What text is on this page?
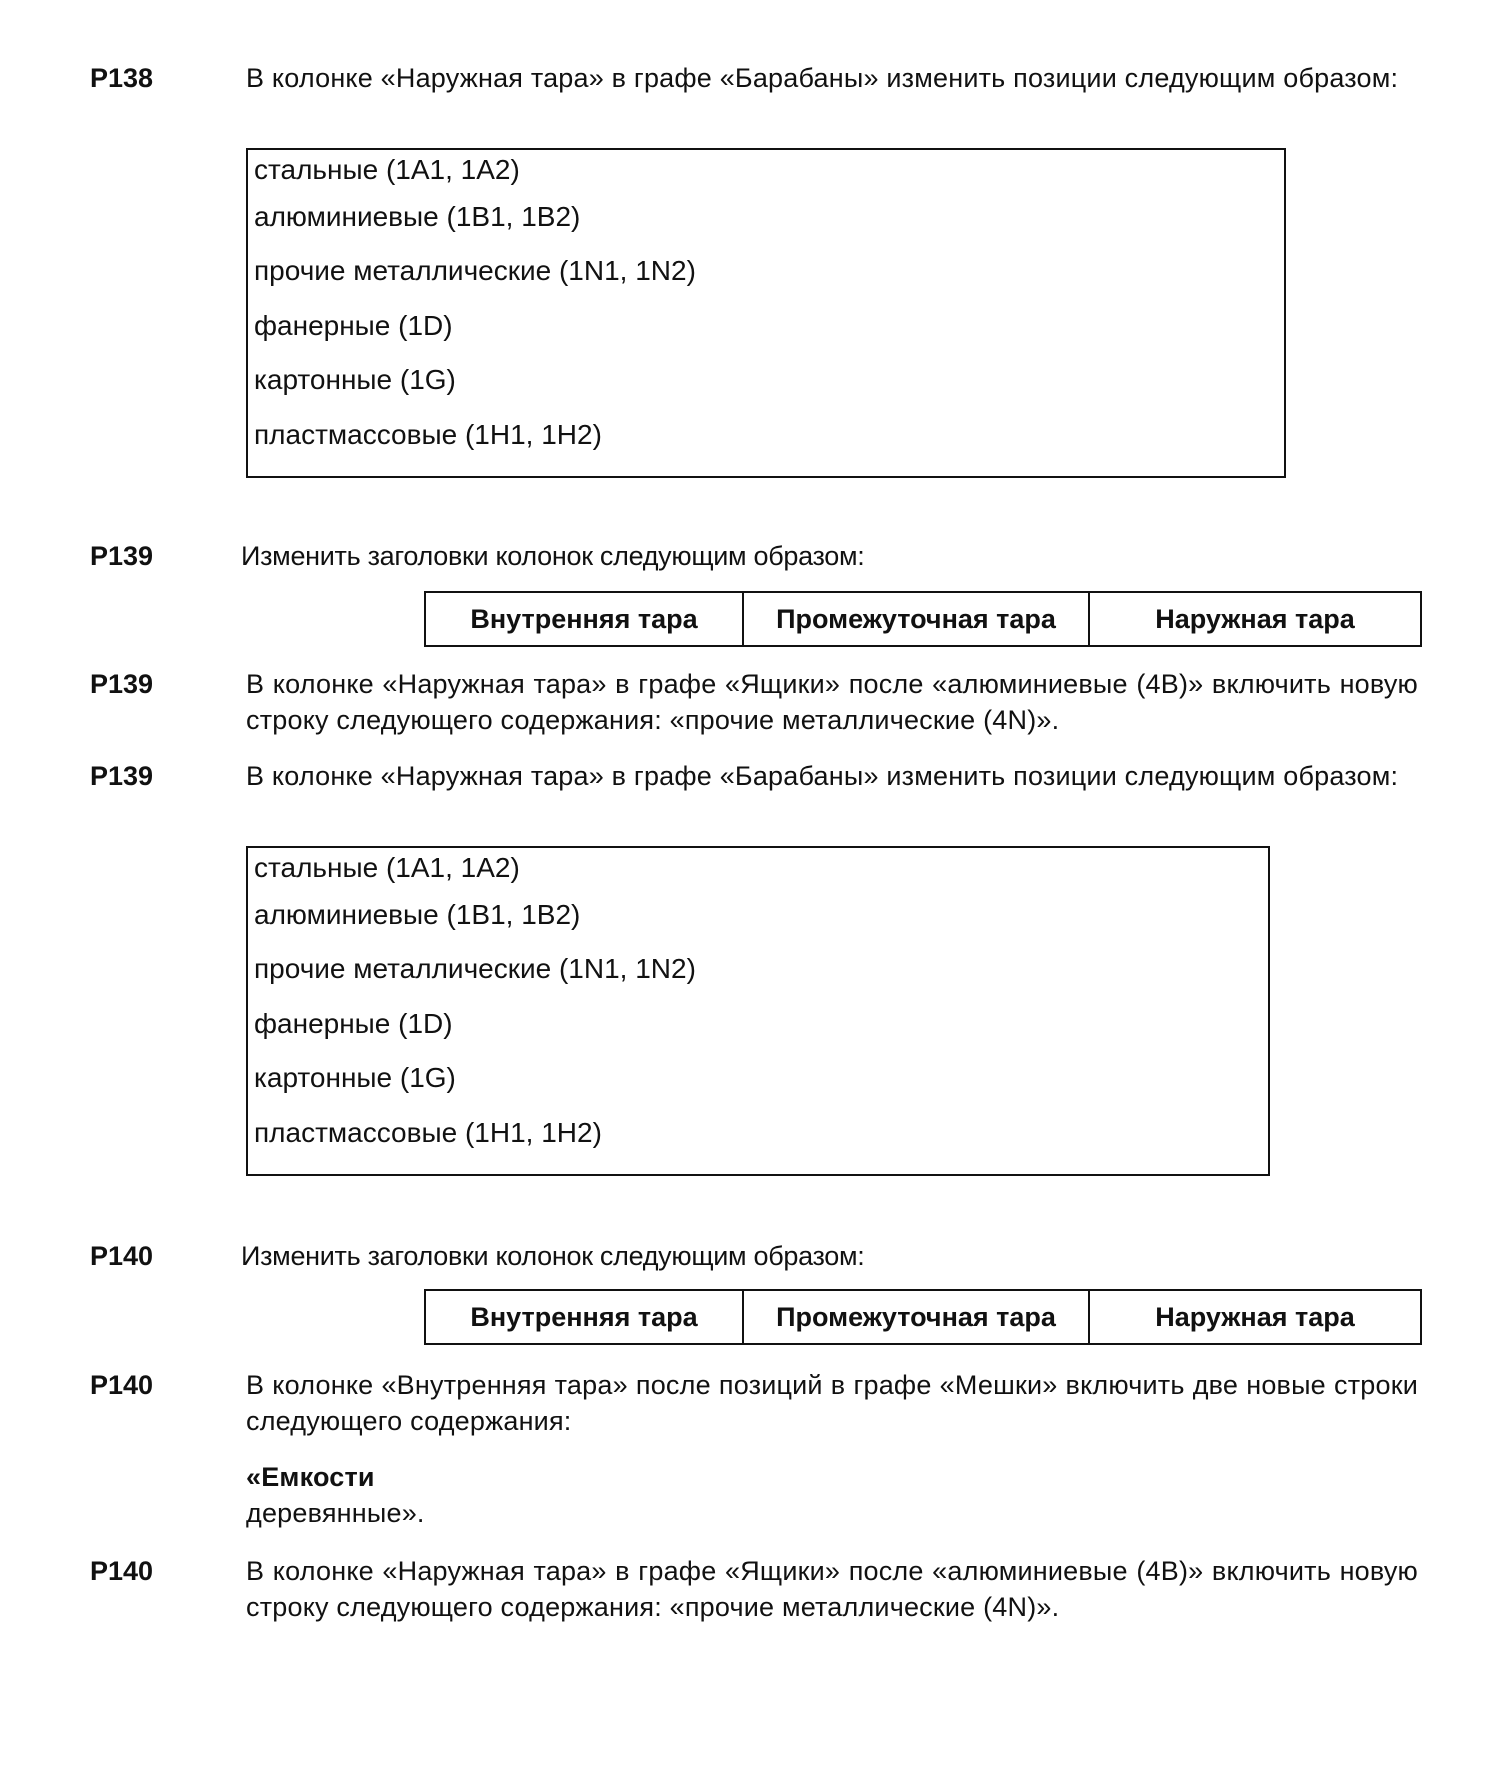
P138	В колонке «Наружная тара» в графе «Барабаны» изменить позиции следующим образом:
стальные (1A1, 1A2)
алюминиевые (1B1, 1B2)
прочие металлические (1N1, 1N2)
фанерные (1D)
картонные (1G)
пластмассовые (1H1, 1H2)
P139	Изменить заголовки колонок следующим образом:
Внутренняя тара	Промежуточная тара	Наружная тара
P139	В колонке «Наружная тара» в графе «Ящики» после «алюминиевые (4B)» включить новую строку следующего содержания: «прочие металлические (4N)».
P139	В колонке «Наружная тара» в графе «Барабаны» изменить позиции следующим образом:
стальные (1A1, 1A2)
алюминиевые (1B1, 1B2)
прочие металлические (1N1, 1N2)
фанерные (1D)
картонные (1G)
пластмассовые (1H1, 1H2)
P140	Изменить заголовки колонок следующим образом:
Внутренняя тара	Промежуточная тара	Наружная тара
P140	В колонке «Внутренняя тара» после позиций в графе «Мешки» включить две новые строки следующего содержания:
«Емкости
деревянные».
P140	В колонке «Наружная тара» в графе «Ящики» после «алюминиевые (4B)» включить новую строку следующего содержания: «прочие металлические (4N)».
